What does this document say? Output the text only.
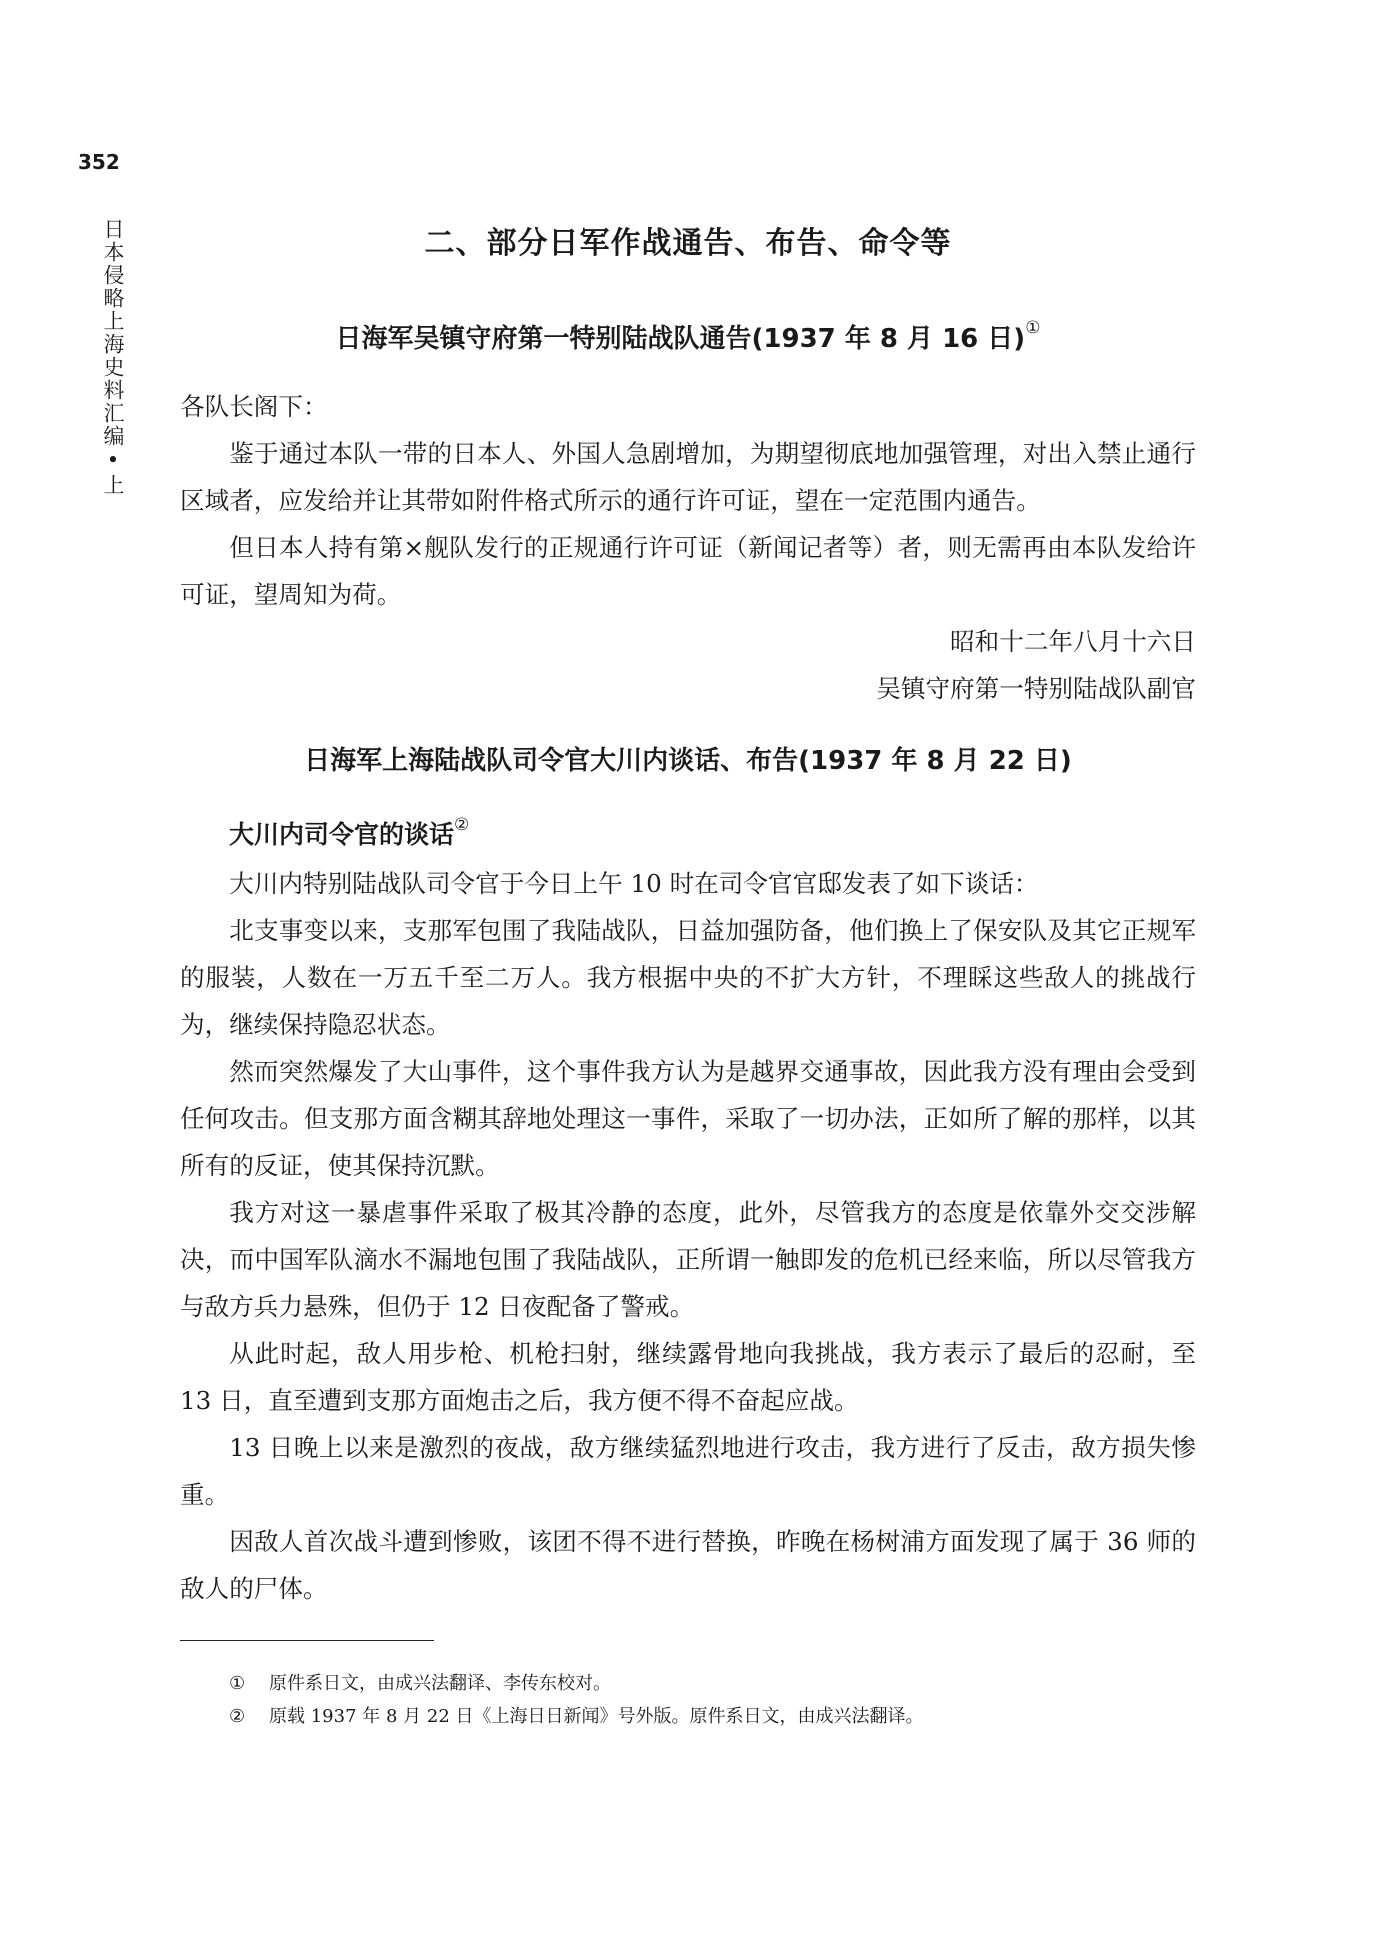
352
日本侵略上海史料汇编•上	二、部分日军作战通告、布告、命令等
日海军吴镇守府第一特别陆战队通告(1937 年 8 月 16 日)①
各队长阁下：
鉴于通过本队一带的日本人、外国人急剧增加，为期望彻底地加强管理，对出入禁止通行区域者，应发给并让其带如附件格式所示的通行许可证，望在一定范围内通告。
但日本人持有第×舰队发行的正规通行许可证（新闻记者等）者，则无需再由本队发给许可证，望周知为荷。
昭和十二年八月十六日
吴镇守府第一特别陆战队副官
日海军上海陆战队司令官大川内谈话、布告(1937 年 8 月 22 日)
大川内司令官的谈话②
大川内特别陆战队司令官于今日上午 10 时在司令官官邸发表了如下谈话：
北支事变以来，支那军包围了我陆战队，日益加强防备，他们换上了保安队及其它正规军的服装，人数在一万五千至二万人。我方根据中央的不扩大方针，不理睬这些敌人的挑战行为，继续保持隐忍状态。
然而突然爆发了大山事件，这个事件我方认为是越界交通事故，因此我方没有理由会受到任何攻击。但支那方面含糊其辞地处理这一事件，采取了一切办法，正如所了解的那样，以其所有的反证，使其保持沉默。
我方对这一暴虐事件采取了极其冷静的态度，此外，尽管我方的态度是依靠外交交涉解决，而中国军队滴水不漏地包围了我陆战队，正所谓一触即发的危机已经来临，所以尽管我方与敌方兵力悬殊，但仍于 12 日夜配备了警戒。
从此时起，敌人用步枪、机枪扫射，继续露骨地向我挑战，我方表示了最后的忍耐，至 13 日，直至遭到支那方面炮击之后，我方便不得不奋起应战。
13 日晚上以来是激烈的夜战，敌方继续猛烈地进行攻击，我方进行了反击，敌方损失惨重。
因敌人首次战斗遭到惨败，该团不得不进行替换，昨晚在杨树浦方面发现了属于 36 师的敌人的尸体。
① 原件系日文，由成兴法翻译、李传东校对。
② 原载 1937 年 8 月 22 日《上海日日新闻》号外版。原件系日文，由成兴法翻译。
